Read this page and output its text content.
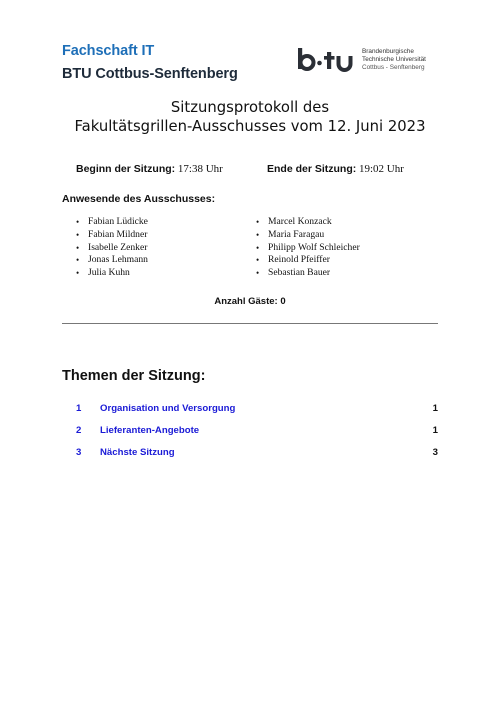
Fachschaft IT
BTU Cottbus-Senftenberg
Brandenburgische
Technische Universität
Cottbus - Senftenberg
Sitzungsprotokoll des
Fakultätsgrillen-Ausschusses vom 12. Juni 2023
Beginn der Sitzung: 17:38 Uhr	Ende der Sitzung: 19:02 Uhr
Anwesende des Ausschusses:
• Fabian Lüdicke
• Fabian Mildner
• Isabelle Zenker
• Jonas Lehmann
• Julia Kuhn
• Marcel Konzack
• Maria Faragau
• Philipp Wolf Schleicher
• Reinold Pfeiffer
• Sebastian Bauer
Anzahl Gäste: 0
Themen der Sitzung:
1 Organisation und Versorgung	1
2 Lieferanten-Angebote	1
3 Nächste Sitzung	3
